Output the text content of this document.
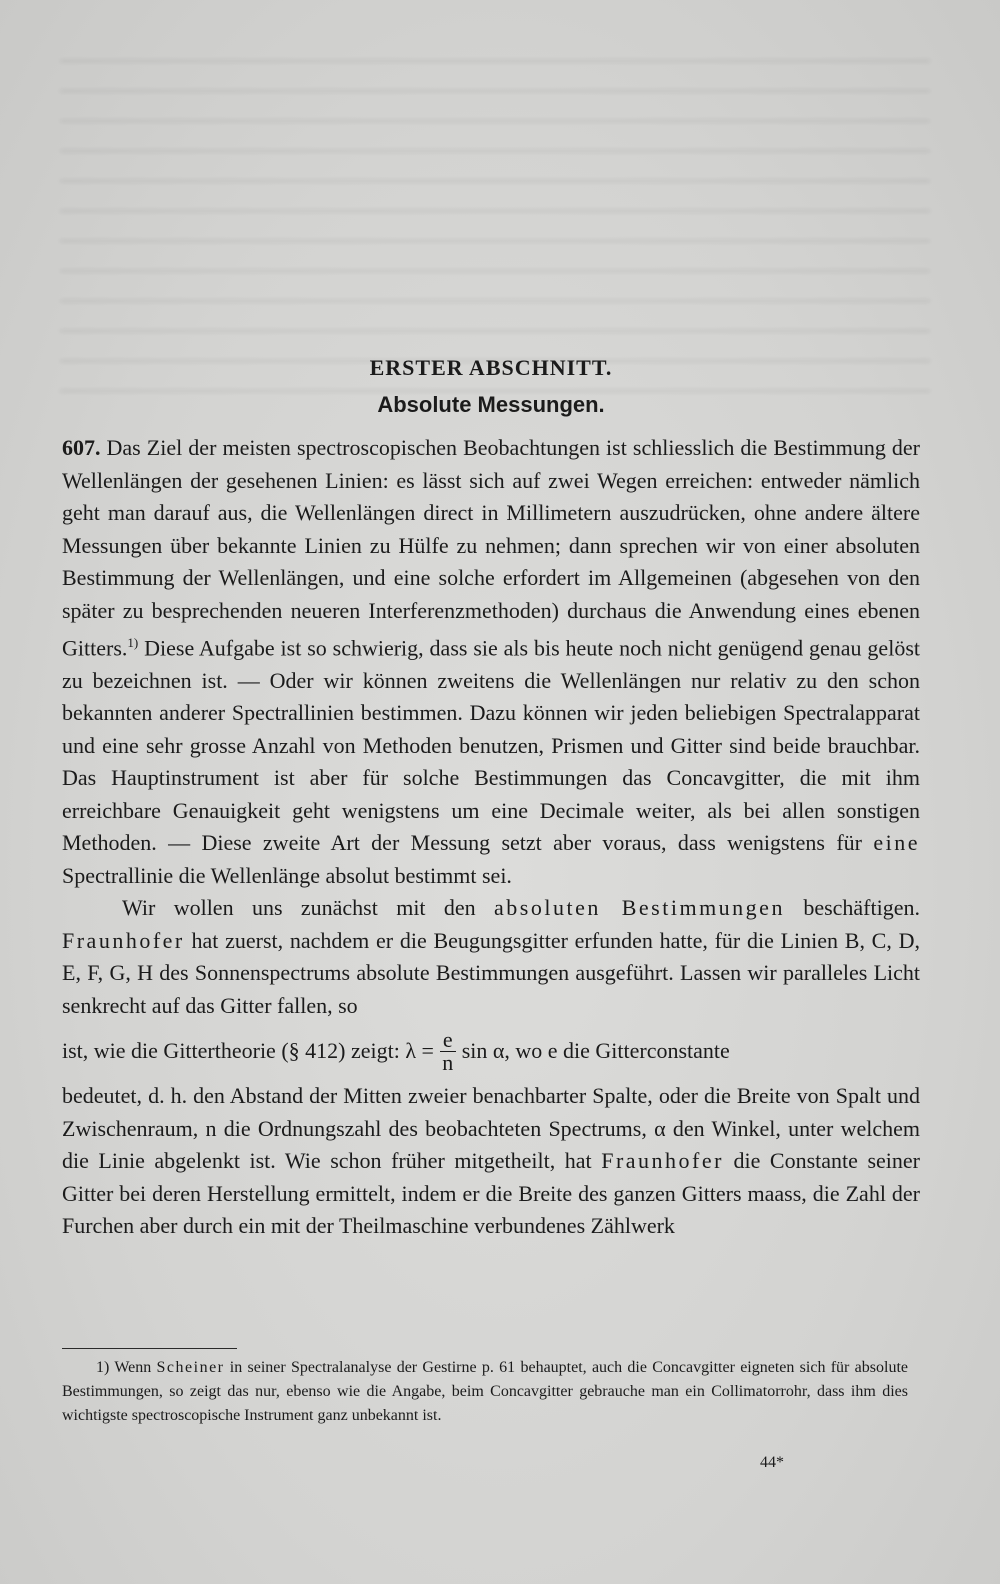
ERSTER ABSCHNITT.
Absolute Messungen.

607. Das Ziel der meisten spectroscopischen Beobachtungen ist schliesslich die Bestimmung der Wellenlängen der gesehenen Linien: es lässt sich auf zwei Wegen erreichen: entweder nämlich geht man darauf aus, die Wellenlängen direct in Millimetern auszudrücken, ohne andere ältere Messungen über bekannte Linien zu Hülfe zu nehmen; dann sprechen wir von einer absoluten Bestimmung der Wellenlängen, und eine solche erfordert im Allgemeinen (abgesehen von den später zu besprechenden neueren Interferenzmethoden) durchaus die Anwendung eines ebenen Gitters.$^{1)}$ Diese Aufgabe ist so schwierig, dass sie als bis heute noch nicht genügend genau gelöst zu bezeichnen ist. — Oder wir können zweitens die Wellenlängen nur relativ zu den schon bekannten anderer Spectrallinien bestimmen. Dazu können wir jeden beliebigen Spectralapparat und eine sehr grosse Anzahl von Methoden benutzen, Prismen und Gitter sind beide brauchbar. Das Hauptinstrument ist aber für solche Bestimmungen das Concavgitter, die mit ihm erreichbare Genauigkeit geht wenigstens um eine Decimale weiter, als bei allen sonstigen Methoden. — Diese zweite Art der Messung setzt aber voraus, dass wenigstens für eine Spectrallinie die Wellenlänge absolut bestimmt sei.

Wir wollen uns zunächst mit den absoluten Bestimmungen beschäftigen. Fraunhofer hat zuerst, nachdem er die Beugungsgitter erfunden hatte, für die Linien B, C, D, E, F, G, H des Sonnenspectrums absolute Bestimmungen ausgeführt. Lassen wir paralleles Licht senkrecht auf das Gitter fallen, so

ist, wie die Gittertheorie (§ 412) zeigt: $\lambda = \frac{e}{n}$ sin α, wo e die Gitterconstante

bedeutet, d. h. den Abstand der Mitten zweier benachbarter Spalte, oder die Breite von Spalt und Zwischenraum, n die Ordnungszahl des beobachteten Spectrums, α den Winkel, unter welchem die Linie abgelenkt ist. Wie schon früher mitgetheilt, hat Fraunhofer die Constante seiner Gitter bei deren Herstellung ermittelt, indem er die Breite des ganzen Gitters maass, die Zahl der Furchen aber durch ein mit der Theilmaschine verbundenes Zählwerk

1) Wenn Scheiner in seiner Spectralanalyse der Gestirne p. 61 behauptet, auch die Concavgitter eigneten sich für absolute Bestimmungen, so zeigt das nur, ebenso wie die Angabe, beim Concavgitter gebrauche man ein Collimatorrohr, dass ihm dies wichtigste spectroscopische Instrument ganz unbekannt ist.
44*
